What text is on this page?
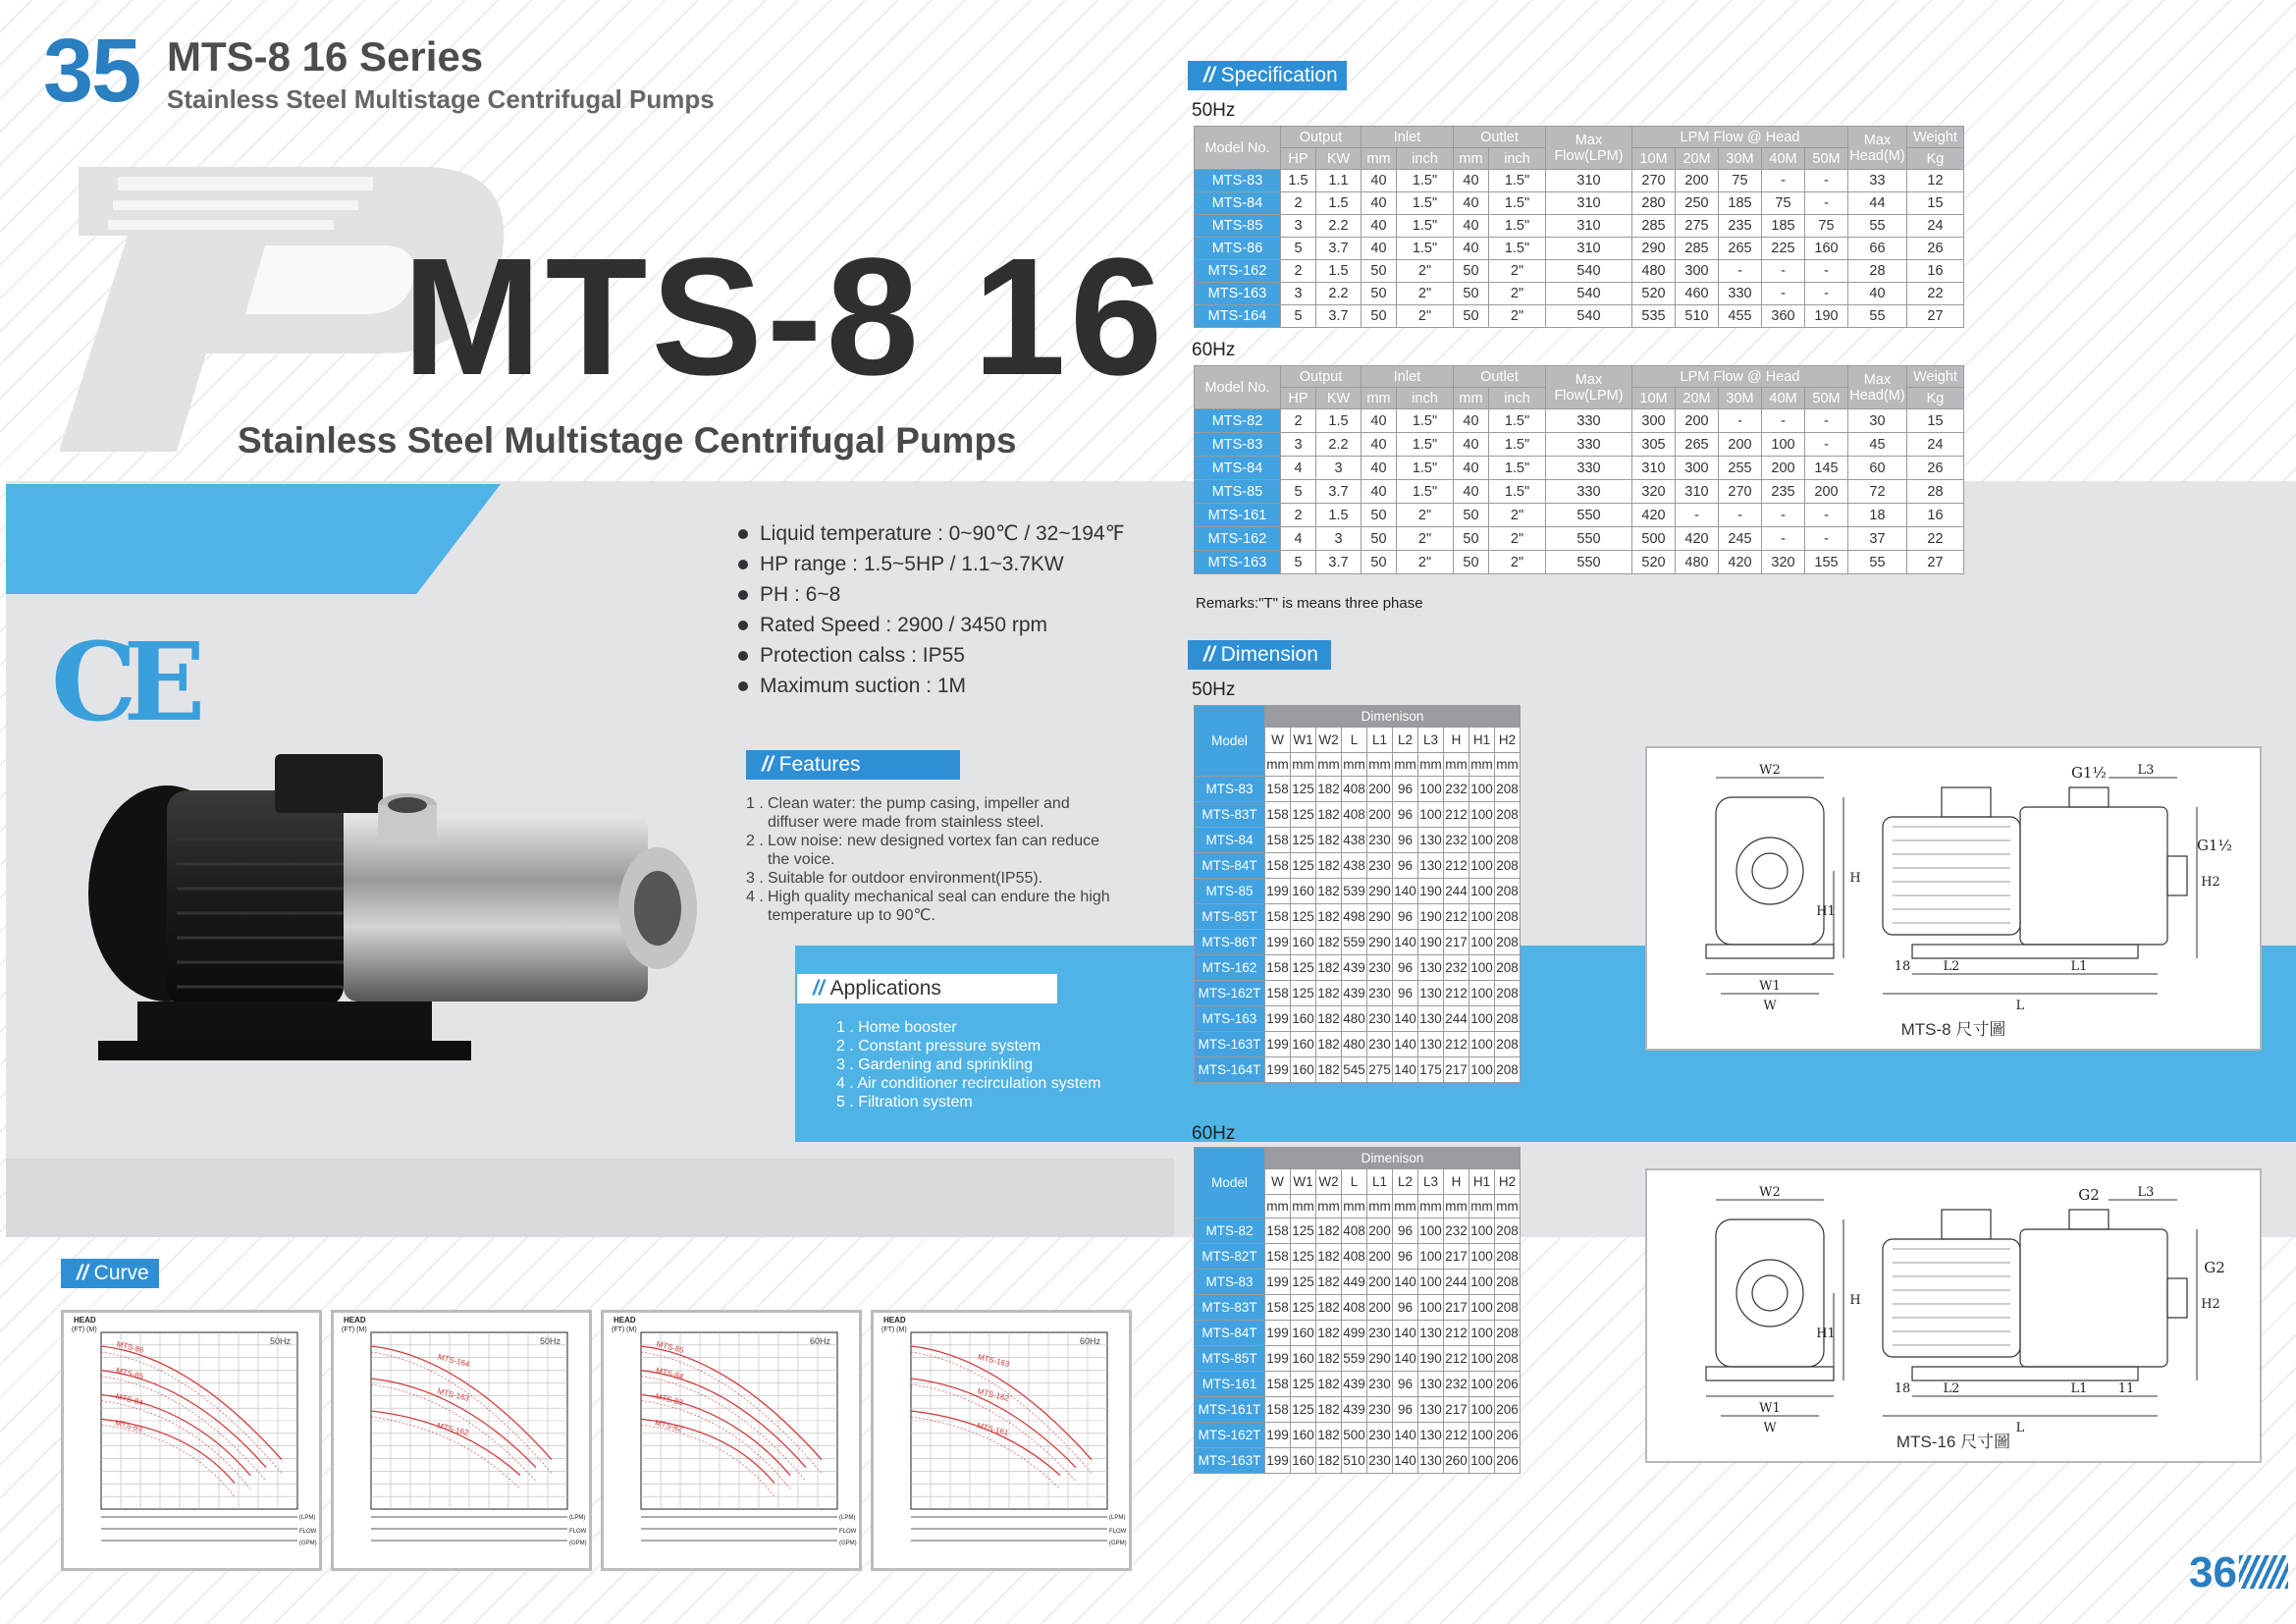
35 MTS-8 16 Series
Stainless Steel Multistage Centrifugal Pumps
MTS-8 16
Stainless Steel Multistage Centrifugal Pumps
CE
Liquid temperature : 0~90℃ / 32~194℉
HP range : 1.5~5HP / 1.1~3.7KW
PH : 6~8
Rated Speed : 2900 / 3450 rpm
Protection calss : IP55
Maximum suction : 1M
// Features
1 . Clean water: the pump casing, impeller and diffuser were made from stainless steel.
2 . Low noise: new designed vortex fan can reduce the voice.
3 . Suitable for outdoor environment(IP55).
4 . High quality mechanical seal can endure the high temperature up to 90℃.
// Applications
1 . Home booster
2 . Constant pressure system
3 . Gardening and sprinkling
4 . Air conditioner recirculation system
5 . Filtration system
// Curve
HEAD
(FT) (M)
50Hz
(LPM)
FLOW
(GPM)
MTS-86
MTS-85
MTS-84
MTS-83
HEAD
(FT) (M)
50Hz
(LPM)
FLOW
(GPM)
MTS-164
MTS-163
MTS-162
HEAD
(FT) (M)
60Hz
(LPM)
FLOW
(GPM)
MTS-85
MTS-84
MTS-83
MTS-82
HEAD
(FT) (M)
60Hz
(LPM)
FLOW
(GPM)
MTS-163
MTS-162
MTS-161
// Specification
50Hz
Model No.	Output		Inlet		Outlet		Max Flow(LPM)	LPM Flow @ Head					Max Head(M)	Weight
	HP	KW	mm	inch	mm	inch		10M	20M	30M	40M	50M		Kg
MTS-83	1.5	1.1	40	1.5"	40	1.5"	310	270	200	75	-	-	33	12
MTS-84	2	1.5	40	1.5"	40	1.5"	310	280	250	185	75	-	44	15
MTS-85	3	2.2	40	1.5"	40	1.5"	310	285	275	235	185	75	55	24
MTS-86	5	3.7	40	1.5"	40	1.5"	310	290	285	265	225	160	66	26
MTS-162	2	1.5	50	2"	50	2"	540	480	300	-	-	-	28	16
MTS-163	3	2.2	50	2"	50	2"	540	520	460	330	-	-	40	22
MTS-164	5	3.7	50	2"	50	2"	540	535	510	455	360	190	55	27
60Hz
Model No.	Output		Inlet		Outlet		Max Flow(LPM)	LPM Flow @ Head					Max Head(M)	Weight
	HP	KW	mm	inch	mm	inch		10M	20M	30M	40M	50M		Kg
MTS-82	2	1.5	40	1.5"	40	1.5"	330	300	200	-	-	-	30	15
MTS-83	3	2.2	40	1.5"	40	1.5"	330	305	265	200	100	-	45	24
MTS-84	4	3	40	1.5"	40	1.5"	330	310	300	255	200	145	60	26
MTS-85	5	3.7	40	1.5"	40	1.5"	330	320	310	270	235	200	72	28
MTS-161	2	1.5	50	2"	50	2"	550	420	-	-	-	-	18	16
MTS-162	4	3	50	2"	50	2"	550	500	420	245	-	-	37	22
MTS-163	5	3.7	50	2"	50	2"	550	520	480	420	320	155	55	27
Remarks:"T" is means three phase
// Dimension
50Hz
Model	Dimenison									
	W	W1	W2	L	L1	L2	L3	H	H1	H2
	mm	mm	mm	mm	mm	mm	mm	mm	mm	mm
MTS-83	158	125	182	408	200	96	100	232	100	208
MTS-83T	158	125	182	408	200	96	100	212	100	208
MTS-84	158	125	182	438	230	96	130	232	100	208
MTS-84T	158	125	182	438	230	96	130	212	100	208
MTS-85	199	160	182	539	290	140	190	244	100	208
MTS-85T	158	125	182	498	290	96	190	212	100	208
MTS-86T	199	160	182	559	290	140	190	217	100	208
MTS-162	158	125	182	439	230	96	130	232	100	208
MTS-162T	158	125	182	439	230	96	130	212	100	208
MTS-163	199	160	182	480	230	140	130	244	100	208
MTS-163T	199	160	182	480	230	140	130	212	100	208
MTS-164T	199	160	182	545	275	140	175	217	100	208
60Hz
Model	Dimenison									
	W	W1	W2	L	L1	L2	L3	H	H1	H2
	mm	mm	mm	mm	mm	mm	mm	mm	mm	mm
MTS-82	158	125	182	408	200	96	100	232	100	208
MTS-82T	158	125	182	408	200	96	100	217	100	208
MTS-83	199	125	182	449	200	140	100	244	100	208
MTS-83T	158	125	182	408	200	96	100	217	100	208
MTS-84T	199	160	182	499	230	140	130	212	100	208
MTS-85T	199	160	182	559	290	140	190	212	100	208
MTS-161	158	125	182	439	230	96	130	232	100	206
MTS-161T	158	125	182	439	230	96	130	217	100	206
MTS-162T	199	160	182	500	230	140	130	212	100	206
MTS-163T	199	160	182	510	230	140	130	260	100	206
W2
W1
W
H
H1
H2
L
L2	L1
L3
G1½
G1½
18
MTS-8 尺寸圖
W2
W1
W
H
H1
H2
L
L2	L1
L3
G2
G2
18	11
MTS-16 尺寸圖
36
